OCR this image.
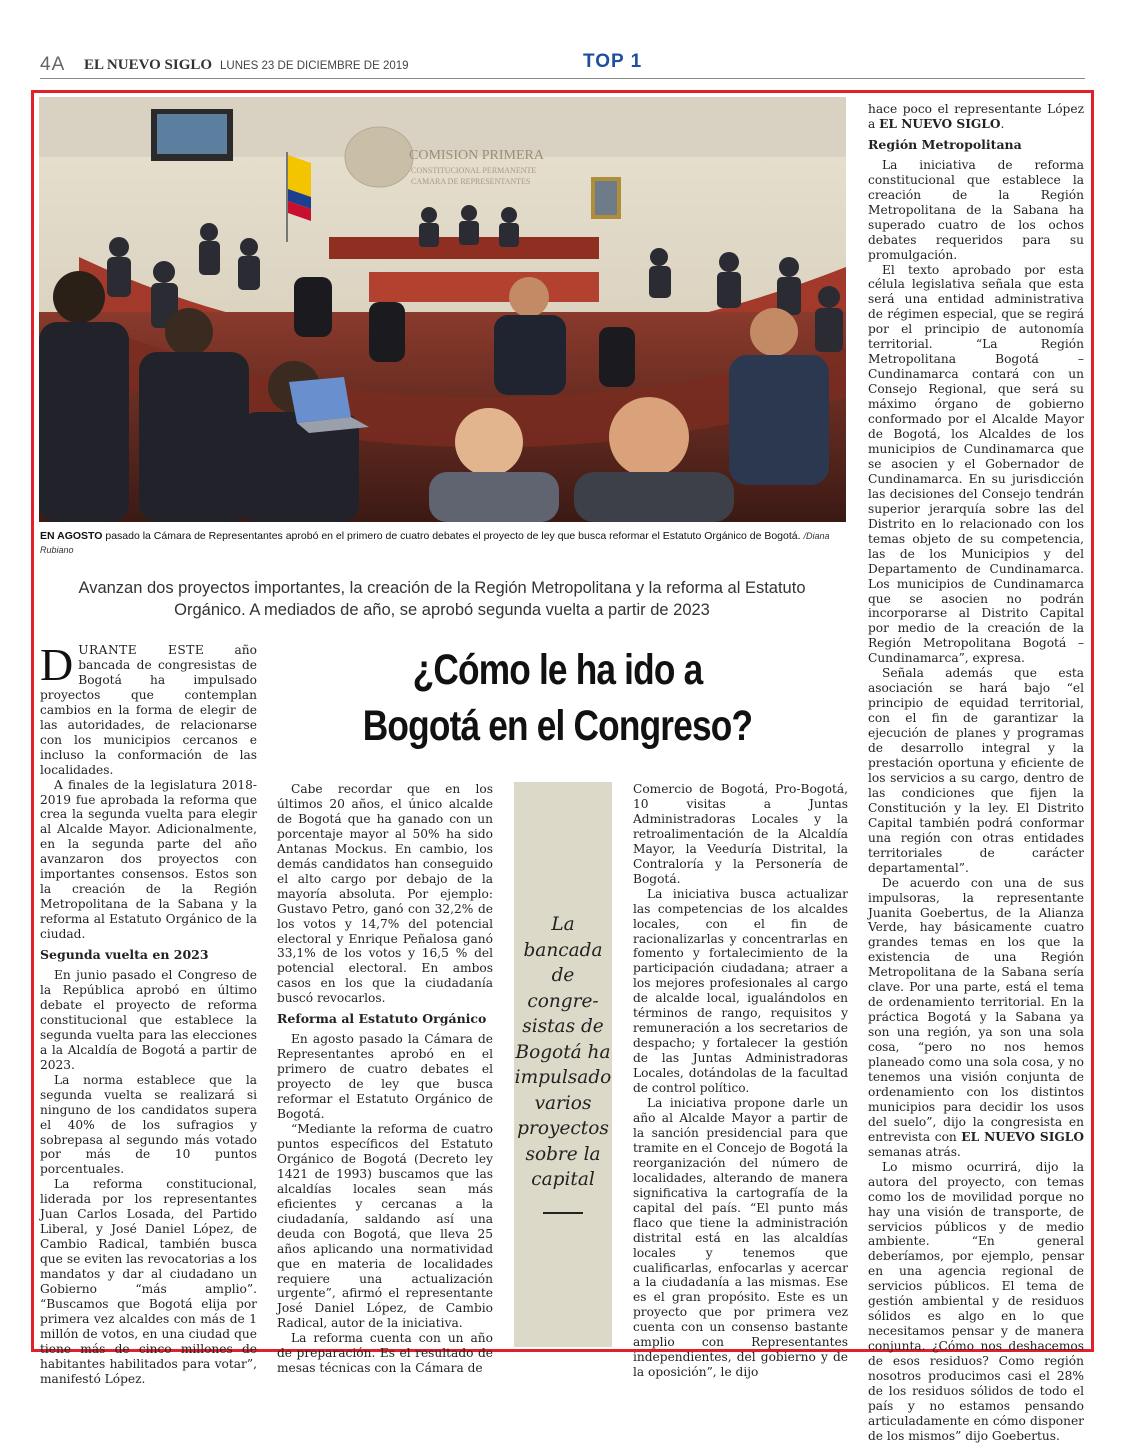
4A EL NUEVO SIGLO LUNES 23 DE DICIEMBRE DE 2019	TOP 1
COMISION PRIMERA
CONSTITUCIONAL PERMANENTE
CAMARA DE REPRESENTANTES
EN AGOSTO pasado la Cámara de Representantes aprobó en el primero de cuatro debates el proyecto de ley que busca reformar el Estatuto Orgánico de Bogotá. /Diana Rubiano
Avanzan dos proyectos importantes, la creación de la Región Metropolitana y la reforma al Estatuto Orgánico. A mediados de año, se aprobó segunda vuelta a partir de 2023
¿Cómo le ha ido a
Bogotá en el Congreso?

DURANTE ESTE año bancada de congresistas de Bogotá ha impulsado proyectos que contemplan cambios en la forma de elegir de las autoridades, de relacionarse con los municipios cercanos e incluso la conformación de las localidades.

A finales de la legislatura 2018-2019 fue aprobada la reforma que crea la segunda vuelta para elegir al Alcalde Mayor. Adicionalmente, en la segunda parte del año avanzaron dos proyectos con importantes consensos. Estos son la creación de la Región Metropolitana de la Sabana y la reforma al Estatuto Orgánico de la ciudad.

Segunda vuelta en 2023

En junio pasado el Congreso de la República aprobó en último debate el proyecto de reforma constitucional que establece la segunda vuelta para las elecciones a la Alcaldía de Bogotá a partir de 2023.

La norma establece que la segunda vuelta se realizará si ninguno de los candidatos supera el 40% de los sufragios y sobrepasa al segundo más votado por más de 10 puntos porcentuales.

La reforma constitucional, liderada por los representantes Juan Carlos Losada, del Partido Liberal, y José Daniel López, de Cambio Radical, también busca que se eviten las revocatorias a los mandatos y dar al ciudadano un Gobierno “más amplio”. “Buscamos que Bogotá elija por primera vez alcaldes con más de 1 millón de votos, en una ciudad que tiene más de cinco millones de habitantes habilitados para votar”, manifestó López.

Cabe recordar que en los últimos 20 años, el único alcalde de Bogotá que ha ganado con un porcentaje mayor al 50% ha sido Antanas Mockus. En cambio, los demás candidatos han conseguido el alto cargo por debajo de la mayoría absoluta. Por ejemplo: Gustavo Petro, ganó con 32,2% de los votos y 14,7% del potencial electoral y Enrique Peñalosa ganó 33,1% de los votos y 16,5 % del potencial electoral. En ambos casos en los que la ciudadanía buscó revocarlos.

Reforma al Estatuto Orgánico

En agosto pasado la Cámara de Representantes aprobó en el primero de cuatro debates el proyecto de ley que busca reformar el Estatuto Orgánico de Bogotá.

“Mediante la reforma de cuatro puntos específicos del Estatuto Orgánico de Bogotá (Decreto ley 1421 de 1993) buscamos que las alcaldías locales sean más eficientes y cercanas a la ciudadanía, saldando así una deuda con Bogotá, que lleva 25 años aplicando una normatividad que en materia de localidades requiere una actualización urgente”, afirmó el representante José Daniel López, de Cambio Radical, autor de la iniciativa.

La reforma cuenta con un año de preparación. Es el resultado de mesas técnicas con la Cámara de

La
bancada
de
congre-
sistas de
Bogotá ha
impulsado
varios
proyectos
sobre la
capital

Comercio de Bogotá, Pro-Bogotá, 10 visitas a Juntas Administradoras Locales y la retroalimentación de la Alcaldía Mayor, la Veeduría Distrital, la Contraloría y la Personería de Bogotá.

La iniciativa busca actualizar las competencias de los alcaldes locales, con el fin de racionalizarlas y concentrarlas en fomento y fortalecimiento de la participación ciudadana; atraer a los mejores profesionales al cargo de alcalde local, igualándolos en términos de rango, requisitos y remuneración a los secretarios de despacho; y fortalecer la gestión de las Juntas Administradoras Locales, dotándolas de la facultad de control político.

La iniciativa propone darle un año al Alcalde Mayor a partir de la sanción presidencial para que tramite en el Concejo de Bogotá la reorganización del número de localidades, alterando de manera significativa la cartografía de la capital del país. “El punto más flaco que tiene la administración distrital está en las alcaldías locales y tenemos que cualificarlas, enfocarlas y acercar a la ciudadanía a las mismas. Ese es el gran propósito. Este es un proyecto que por primera vez cuenta con un consenso bastante amplio con Representantes independientes, del gobierno y de la oposición”, le dijo

hace poco el representante López a EL NUEVO SIGLO.

Región Metropolitana

La iniciativa de reforma constitucional que establece la creación de la Región Metropolitana de la Sabana ha superado cuatro de los ochos debates requeridos para su promulgación.

El texto aprobado por esta célula legislativa señala que esta será una entidad administrativa de régimen especial, que se regirá por el principio de autonomía territorial. “La Región Metropolitana Bogotá – Cundinamarca contará con un Consejo Regional, que será su máximo órgano de gobierno conformado por el Alcalde Mayor de Bogotá, los Alcaldes de los municipios de Cundinamarca que se asocien y el Gobernador de Cundinamarca. En su jurisdicción las decisiones del Consejo tendrán superior jerarquía sobre las del Distrito en lo relacionado con los temas objeto de su competencia, las de los Municipios y del Departamento de Cundinamarca. Los municipios de Cundinamarca que se asocien no podrán incorporarse al Distrito Capital por medio de la creación de la Región Metropolitana Bogotá – Cundinamarca”, expresa.

Señala además que esta asociación se hará bajo “el principio de equidad territorial, con el fin de garantizar la ejecución de planes y programas de desarrollo integral y la prestación oportuna y eficiente de los servicios a su cargo, dentro de las condiciones que fijen la Constitución y la ley. El Distrito Capital también podrá conformar una región con otras entidades territoriales de carácter departamental”.

De acuerdo con una de sus impulsoras, la representante Juanita Goebertus, de la Alianza Verde, hay básicamente cuatro grandes temas en los que la existencia de una Región Metropolitana de la Sabana sería clave. Por una parte, está el tema de ordenamiento territorial. En la práctica Bogotá y la Sabana ya son una región, ya son una sola cosa, “pero no nos hemos planeado como una sola cosa, y no tenemos una visión conjunta de ordenamiento con los distintos municipios para decidir los usos del suelo”, dijo la congresista en entrevista con EL NUEVO SIGLO semanas atrás.

Lo mismo ocurrirá, dijo la autora del proyecto, con temas como los de movilidad porque no hay una visión de transporte, de servicios públicos y de medio ambiente. “En general deberíamos, por ejemplo, pensar en una agencia regional de servicios públicos. El tema de gestión ambiental y de residuos sólidos es algo en lo que necesitamos pensar y de manera conjunta. ¿Cómo nos deshacemos de esos residuos? Como región nosotros producimos casi el 28% de los residuos sólidos de todo el país y no estamos pensando articuladamente en cómo disponer de los mismos” dijo Goebertus.
